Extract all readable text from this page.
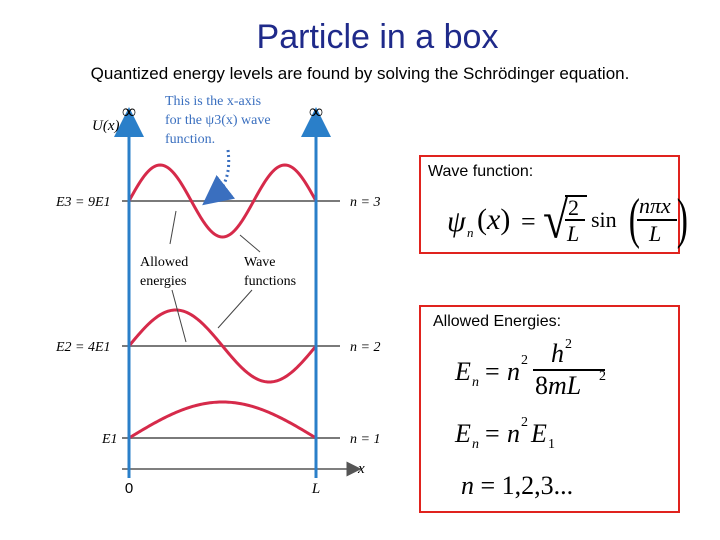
Particle in a box
Quantized energy levels are found by solving the Schrödinger equation.
∞	∞
U(x)
x
0	L
This is the x-axis
for the ψ3(x) wave
function.
Allowed
energies
Wave
functions
E3 = 9E1
E2 = 4E1
E1
n = 3
n = 2
n = 1
Wave function:
ψ n (x) = √ 2
L
sin ( nπx
L )
Allowed Energies:
E n = n 2 h 2
8mL 2
E n = n 2 E 1
n = 1,2,3...
